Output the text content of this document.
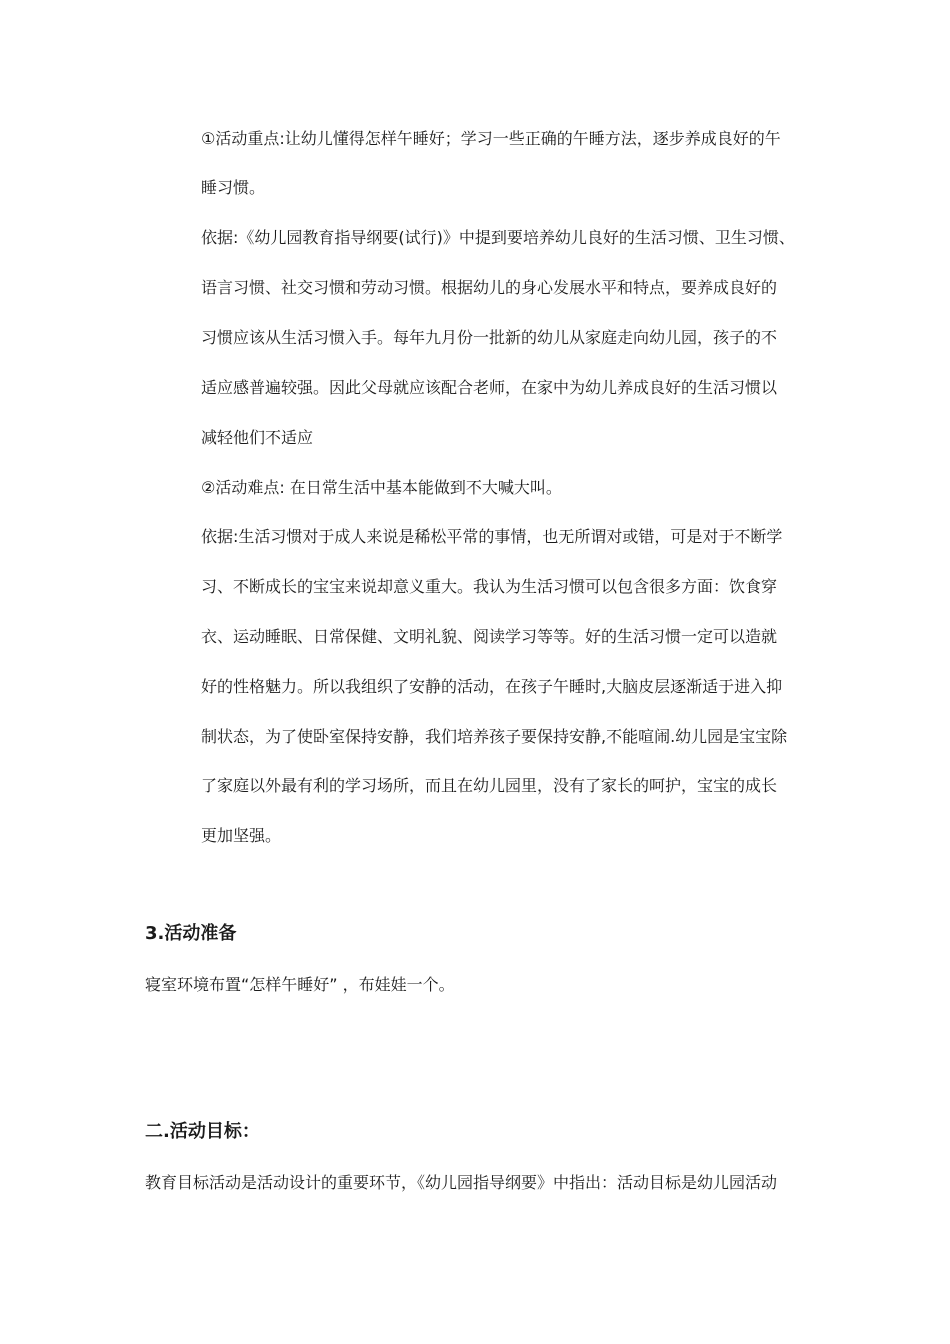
①活动重点:让幼儿懂得怎样午睡好；学习一些正确的午睡方法，逐步养成良好的午
睡习惯。
依据:《幼儿园教育指导纲要(试行)》中提到要培养幼儿良好的生活习惯、卫生习惯、
语言习惯、社交习惯和劳动习惯。根据幼儿的身心发展水平和特点，要养成良好的
习惯应该从生活习惯入手。每年九月份一批新的幼儿从家庭走向幼儿园，孩子的不
适应感普遍较强。因此父母就应该配合老师，在家中为幼儿养成良好的生活习惯以
减轻他们不适应
②活动难点: 在日常生活中基本能做到不大喊大叫。
依据:生活习惯对于成人来说是稀松平常的事情，也无所谓对或错，可是对于不断学
习、不断成长的宝宝来说却意义重大。我认为生活习惯可以包含很多方面：饮食穿
衣、运动睡眠、日常保健、文明礼貌、阅读学习等等。好的生活习惯一定可以造就
好的性格魅力。所以我组织了安静的活动，在孩子午睡时,大脑皮层逐渐适于进入抑
制状态，为了使卧室保持安静，我们培养孩子要保持安静,不能喧闹.幼儿园是宝宝除
了家庭以外最有利的学习场所，而且在幼儿园里，没有了家长的呵护，宝宝的成长
更加坚强。
3.活动准备
寝室环境布置“怎样午睡好” ，布娃娃一个。
二.活动目标：
教育目标活动是活动设计的重要环节，《幼儿园指导纲要》中指出：活动目标是幼儿园活动
